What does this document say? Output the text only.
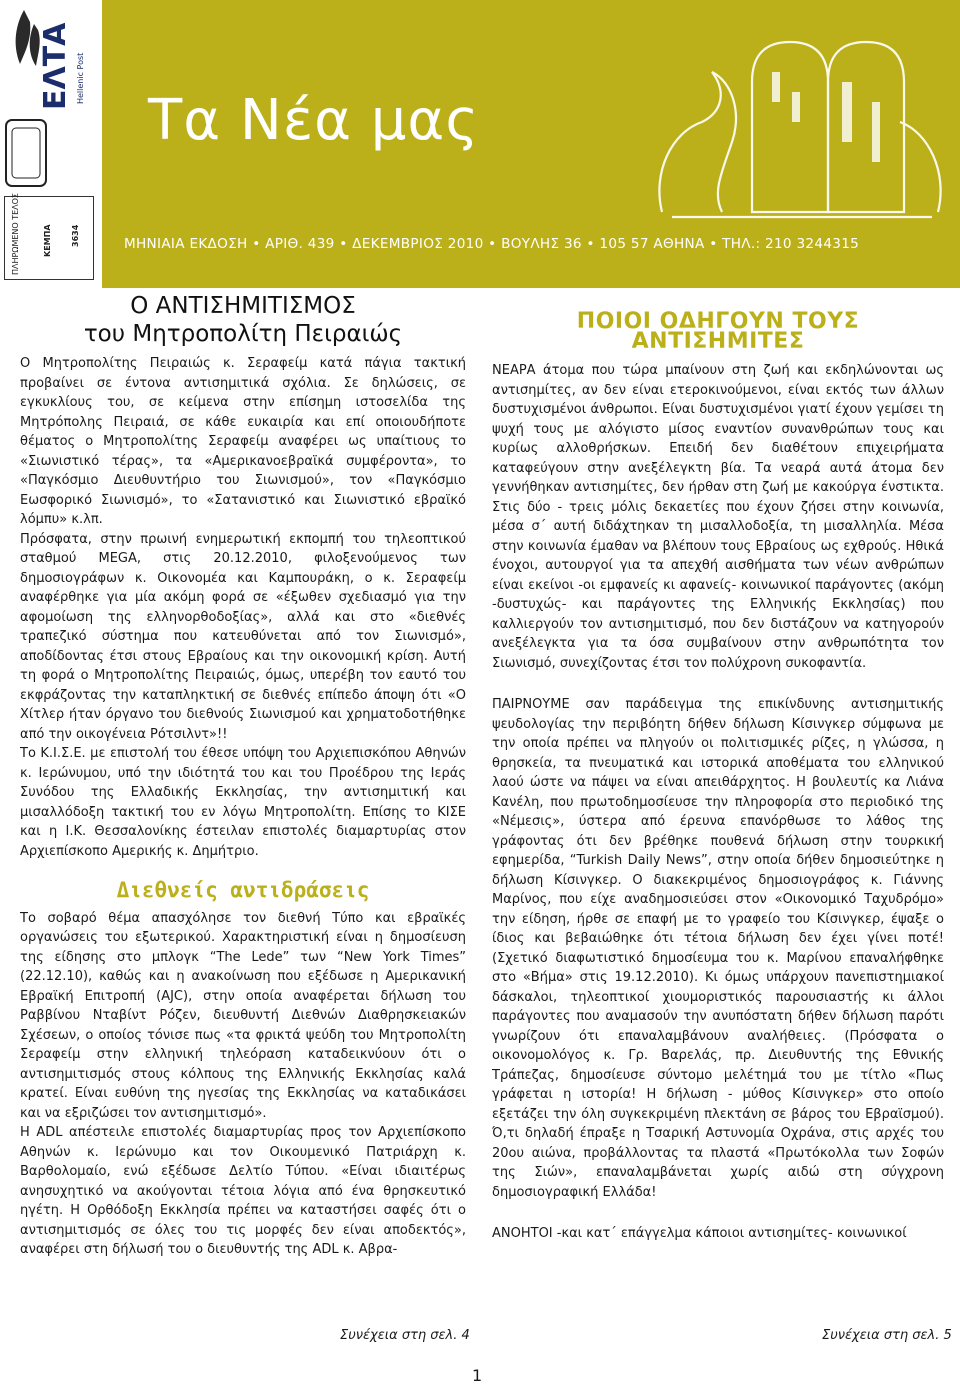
ΕΛΤΑ Hellenic Post
ΠΛΗΡΩΜΕΝΟ ΤΕΛΟΣ	ΚΕΜΠΑ 3634
Τα Νέα μας
ΜΗΝΙΑΙΑ ΕΚΔΟΣΗ • ΑΡΙΘ. 439 • ΔΕΚΕΜΒΡΙΟΣ 2010 • ΒΟΥΛΗΣ 36 • 105 57 ΑΘΗΝΑ • ΤΗΛ.: 210 3244315
Ο ΑΝΤΙΣΗΜΙΤΙΣΜΟΣ
του Μητροπολίτη Πειραιώς

Ο Μητροπολίτης Πειραιώς κ. Σεραφείμ κατά πάγια τακτική προβαίνει σε έντονα αντισημιτικά σχόλια. Σε δηλώσεις, σε εγκυκλίους του, σε κείμενα στην επίσημη ιστοσελίδα της Μητρόπολης Πειραιά, σε κάθε ευκαιρία και επί οποιουδήποτε θέματος ο Μητροπολίτης Σεραφείμ αναφέρει ως υπαίτιους το «Σιωνιστικό τέρας», τα «Αμερικανοεβραϊκά συμφέροντα», το «Παγκόσμιο Διευθυντήριο του Σιωνισμού», τον «Παγκόσμιο Εωσφορικό Σιωνισμό», το «Σατανιστικό και Σιωνιστικό εβραϊκό λόμπυ» κ.λπ.

Πρόσφατα, στην πρωινή ενημερωτική εκπομπή του τηλεοπτικού σταθμού MEGA, στις 20.12.2010, φιλοξενούμενος των δημοσιογράφων κ. Οικονομέα και Καμπουράκη, ο κ. Σεραφείμ αναφέρθηκε για μία ακόμη φορά σε «έξωθεν σχεδιασμό για την αφομοίωση της ελληνορθοδοξίας», αλλά και στο «διεθνές τραπεζικό σύστημα που κατευθύνεται από τον Σιωνισμό», αποδίδοντας έτσι στους Εβραίους και την οικονομική κρίση. Αυτή τη φορά ο Μητροπολίτης Πειραιώς, όμως, υπερέβη τον εαυτό του εκφράζοντας την καταπληκτική σε διεθνές επίπεδο άποψη ότι «Ο Χίτλερ ήταν όργανο του διεθνούς Σιωνισμού και χρηματοδοτήθηκε από την οικογένεια Ρότσιλντ»!!

Το Κ.Ι.Σ.Ε. με επιστολή του έθεσε υπόψη του Αρχιεπισκόπου Αθηνών κ. Ιερώνυμου, υπό την ιδιότητά του και του Προέδρου της Ιεράς Συνόδου της Ελλαδικής Εκκλησίας, την αντισημιτική και μισαλλόδοξη τακτική του εν λόγω Μητροπολίτη. Επίσης το ΚΙΣΕ και η Ι.Κ. Θεσσαλονίκης έστειλαν επιστολές διαμαρτυρίας στον Αρχιεπίσκοπο Αμερικής κ. Δημήτριο.

Διεθνείς αντιδράσεις

Το σοβαρό θέμα απασχόλησε τον διεθνή Τύπο και εβραϊκές οργανώσεις του εξωτερικού. Χαρακτηριστική είναι η δημοσίευση της είδησης στο μπλογκ “The Lede” των “New York Times” (22.12.10), καθώς και η ανακοίνωση που εξέδωσε η Αμερικανική Εβραϊκή Επιτροπή (AJC), στην οποία αναφέρεται δήλωση του Ραββίνου Νταβίντ Ρόζεν, διευθυντή Διεθνών Διαθρησκειακών Σχέσεων, ο οποίος τόνισε πως «τα φρικτά ψεύδη του Μητροπολίτη Σεραφείμ στην ελληνική τηλεόραση καταδεικνύουν ότι ο αντισημιτισμός στους κόλπους της Ελληνικής Εκκλησίας καλά κρατεί. Είναι ευθύνη της ηγεσίας της Εκκλησίας να καταδικάσει και να εξριζώσει τον αντισημιτισμό».

Η ADL απέστειλε επιστολές διαμαρτυρίας προς τον Αρχιεπίσκοπο Αθηνών κ. Ιερώνυμο και τον Οικουμενικό Πατριάρχη κ. Βαρθολομαίο, ενώ εξέδωσε Δελτίο Τύπου. «Είναι ιδιαιτέρως ανησυχητικό να ακούγονται τέτοια λόγια από ένα θρησκευτικό ηγέτη. Η Ορθόδοξη Εκκλησία πρέπει να καταστήσει σαφές ότι ο αντισημιτισμός σε όλες του τις μορφές δεν είναι αποδεκτός», αναφέρει στη δήλωσή του ο διευθυντής της ADL κ. Αβρα-

Συνέχεια στη σελ. 4
ΠΟΙΟΙ ΟΔΗΓΟΥΝ ΤΟΥΣ ΑΝΤΙΣΗΜΙΤΕΣ

ΝΕΑΡΑ άτομα που τώρα μπαίνουν στη ζωή και εκδηλώνονται ως αντισημίτες, αν δεν είναι ετεροκινούμενοι, είναι εκτός των άλλων δυστυχισμένοι άνθρωποι. Είναι δυστυχισμένοι γιατί έχουν γεμίσει τη ψυχή τους με αλόγιστο μίσος εναντίον συνανθρώπων τους και κυρίως αλλοθρήσκων. Επειδή δεν διαθέτουν επιχειρήματα καταφεύγουν στην ανεξέλεγκτη βία. Τα νεαρά αυτά άτομα δεν γεννήθηκαν αντισημίτες, δεν ήρθαν στη ζωή με κακούργα ένστικτα. Στις δύο - τρεις μόλις δεκαετίες που έχουν ζήσει στην κοινωνία, μέσα σ΄ αυτή διδάχτηκαν τη μισαλλοδοξία, τη μισαλληλία. Μέσα στην κοινωνία έμαθαν να βλέπουν τους Εβραίους ως εχθρούς. Ηθικά ένοχοι, αυτουργοί για τα απεχθή αισθήματα των νέων ανθρώπων είναι εκείνοι -οι εμφανείς κι αφανείς- κοινωνικοί παράγοντες (ακόμη -δυστυχώς- και παράγοντες της Ελληνικής Εκκλησίας) που καλλιεργούν τον αντισημιτισμό, που δεν διστάζουν να κατηγορούν ανεξέλεγκτα για τα όσα συμβαίνουν στην ανθρωπότητα τον Σιωνισμό, συνεχίζοντας έτσι τον πολύχρονη συκοφαντία.

ΠΑΙΡΝΟΥΜΕ σαν παράδειγμα της επικίνδυνης αντισημιτικής ψευδολογίας την περιβόητη δήθεν δήλωση Κίσινγκερ σύμφωνα με την οποία πρέπει να πληγούν οι πολιτισμικές ρίζες, η γλώσσα, η θρησκεία, τα πνευματικά και ιστορικά αποθέματα του ελληνικού λαού ώστε να πάψει να είναι απειθάρχητος. Η βουλευτίς κα Λιάνα Κανέλη, που πρωτοδημοσίευσε την πληροφορία στο περιοδικό της «Νέμεσις», ύστερα από έρευνα επανόρθωσε το λάθος της γράφοντας ότι δεν βρέθηκε πουθενά δήλωση στην τουρκική εφημερίδα, “Turkish Daily News”, στην οποία δήθεν δημοσιεύτηκε η δήλωση Κίσινγκερ. Ο διακεκριμένος δημοσιογράφος κ. Γιάννης Μαρίνος, που είχε αναδημοσιεύσει στον «Οικονομικό Ταχυδρόμο» την είδηση, ήρθε σε επαφή με το γραφείο του Κίσινγκερ, έψαξε ο ίδιος και βεβαιώθηκε ότι τέτοια δήλωση δεν έχει γίνει ποτέ! (Σχετικό διαφωτιστικό δημοσίευμα του κ. Μαρίνου επαναλήφθηκε στο «Βήμα» στις 19.12.2010). Κι όμως υπάρχουν πανεπιστημιακοί δάσκαλοι, τηλεοπτικοί χιουμοριστικός παρουσιαστής κι άλλοι παράγοντες που αναμασούν την ανυπόστατη δήθεν δήλωση παρότι γνωρίζουν ότι επαναλαμβάνουν αναλήθειες. (Πρόσφατα ο οικονομολόγος κ. Γρ. Βαρελάς, πρ. Διευθυντής της Εθνικής Τράπεζας, δημοσίευσε σύντομο μελέτημά του με τίτλο «Πως γράφεται η ιστορία! Η δήλωση - μύθος Κίσινγκερ» στο οποίο εξετάζει την όλη συγκεκριμένη πλεκτάνη σε βάρος του Εβραϊσμού). Ό,τι δηλαδή έπραξε η Τσαρική Αστυνομία Οχράνα, στις αρχές του 20ου αιώνα, προβάλλοντας τα πλαστά «Πρωτόκολλα των Σοφών της Σιών», επαναλαμβάνεται χωρίς αιδώ στη σύγχρονη δημοσιογραφική Ελλάδα!

ΑΝΟΗΤΟΙ -και κατ΄ επάγγελμα κάποιοι αντισημίτες- κοινωνικοί

Συνέχεια στη σελ. 5
1
